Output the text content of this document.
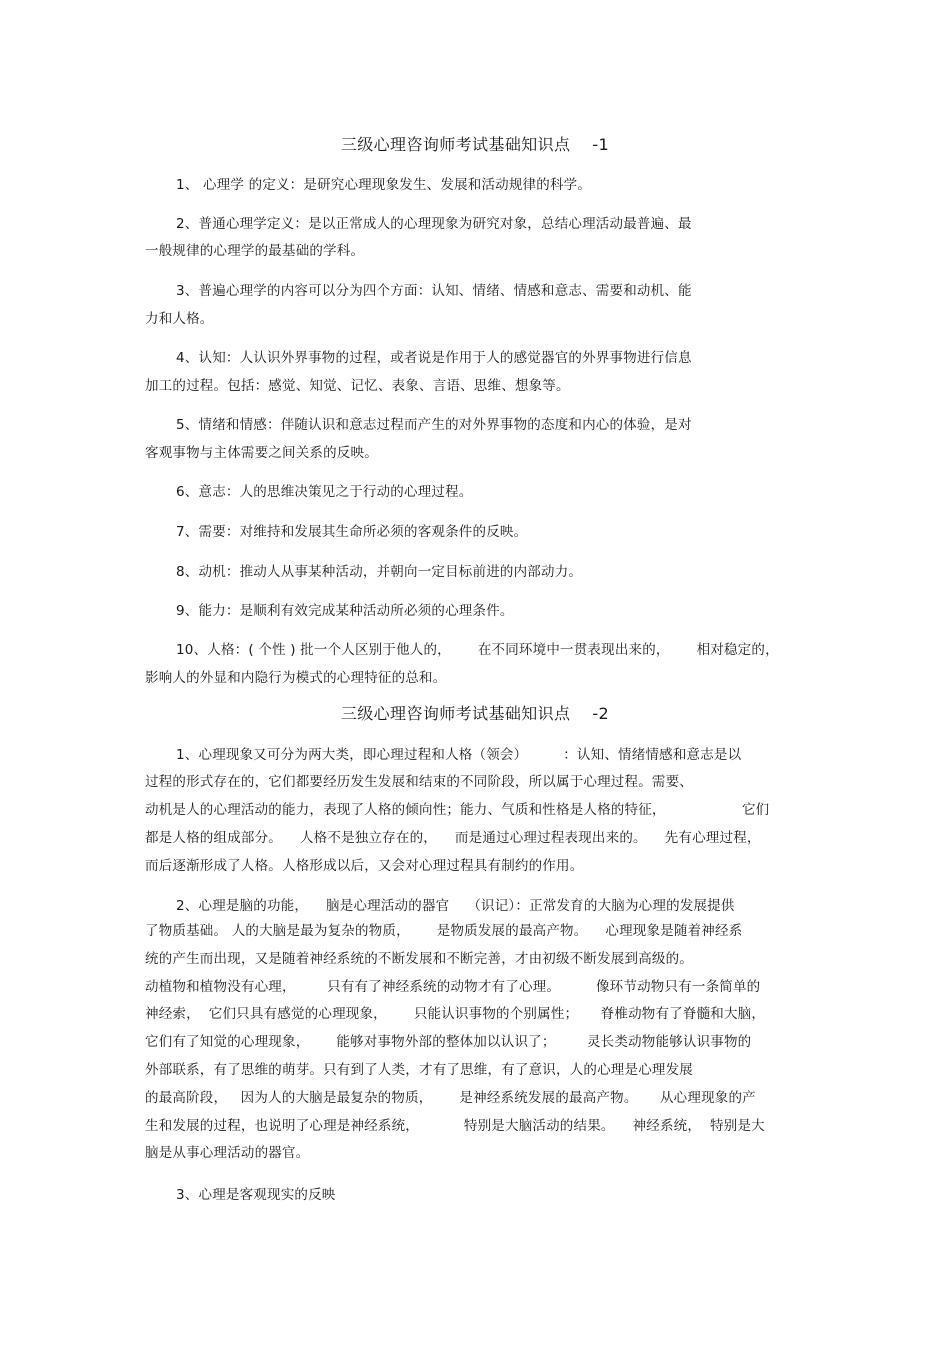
三级心理咨询师考试基础知识点    -1
1、 心理学 的定义：是研究心理现象发生、发展和活动规律的科学。
2、普通心理学定义：是以正常成人的心理现象为研究对象，总结心理活动最普遍、最
一般规律的心理学的最基础的学科。
3、普遍心理学的内容可以分为四个方面：认知、情绪、情感和意志、需要和动机、能
力和人格。
4、认知：人认识外界事物的过程，或者说是作用于人的感觉器官的外界事物进行信息
加工的过程。包括：感觉、知觉、记忆、表象、言语、思维、想象等。
5、情绪和情感：伴随认识和意志过程而产生的对外界事物的态度和内心的体验，是对
客观事物与主体需要之间关系的反映。
6、意志：人的思维决策见之于行动的心理过程。
7、需要：对维持和发展其生命所必须的客观条件的反映。
8、动机：推动人从事某种活动，并朝向一定目标前进的内部动力。
9、能力：是顺利有效完成某种活动所必须的心理条件。
10、人格：( 个性 ) 批一个人区别于他人的，      在不同环境中一贯表现出来的，      相对稳定的，
影响人的外显和内隐行为模式的心理特征的总和。
三级心理咨询师考试基础知识点    -2
1、心理现象又可分为两大类，即心理过程和人格（领会）        ：认知、情绪情感和意志是以
过程的形式存在的，它们都要经历发生发展和结束的不同阶段，所以属于心理过程。需要、
动机是人的心理活动的能力，表现了人格的倾向性；能力、气质和性格是人格的特征，                 它们
都是人格的组成部分。    人格不是独立存在的，    而是通过心理过程表现出来的。    先有心理过程，
而后逐渐形成了人格。人格形成以后，又会对心理过程具有制约的作用。
2、心理是脑的功能，    脑是心理活动的器官    （识记）：正常发育的大脑为心理的发展提供
了物质基础。 人的大脑是最为复杂的物质，      是物质发展的最高产物。    心理现象是随着神经系
统的产生而出现，又是随着神经系统的不断发展和不断完善，才由初级不断发展到高级的。
动植物和植物没有心理，       只有有了神经系统的动物才有了心理。        像环节动物只有一条简单的
神经索，  它们只具有感觉的心理现象，      只能认识事物的个别属性；     脊椎动物有了脊髓和大脑，
它们有了知觉的心理现象，      能够对事物外部的整体加以认识了；       灵长类动物能够认识事物的
外部联系，有了思维的萌芽。只有到了人类，才有了思维，有了意识，人的心理是心理发展
的最高阶段，   因为人的大脑是最复杂的物质，      是神经系统发展的最高产物。     从心理现象的产
生和发展的过程，也说明了心理是神经系统，          特别是大脑活动的结果。    神经系统，  特别是大
脑是从事心理活动的器官。
3、心理是客观现实的反映
